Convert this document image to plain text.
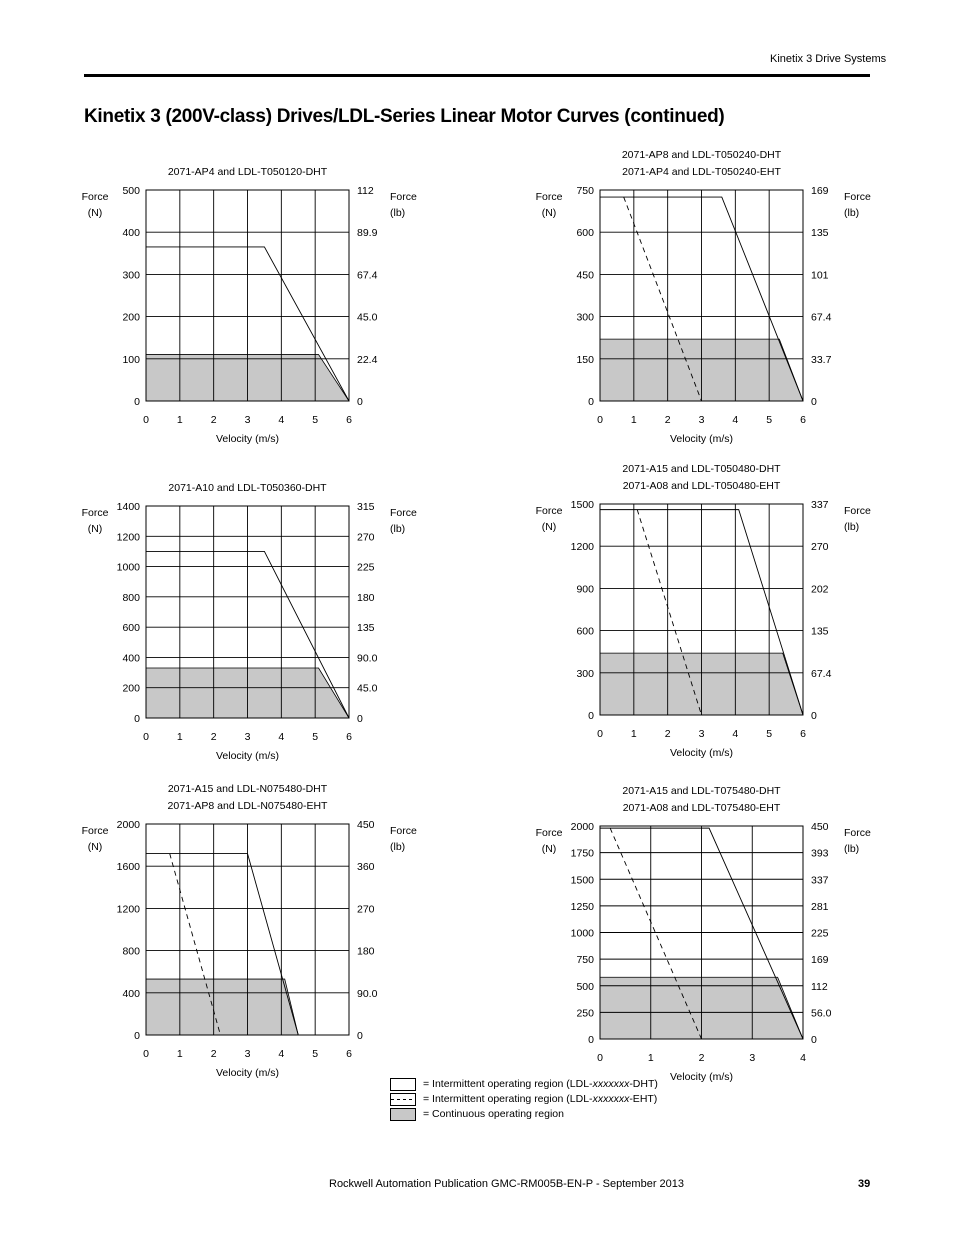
Kinetix 3 Drive Systems
Kinetix 3 (200V-class) Drives/LDL-Series Linear Motor Curves (continued)
0	1	2	3	4	5	6
0	0
100	22.4
200	45.0
300	67.4
400	89.9
500	112
2071-AP4 and LDL-T050120-DHT
Velocity (m/s)
Force
(N)
Force
(lb)
0	1	2	3	4	5	6
0	0
150	33.7
300	67.4
450	101
600	135
750	169
2071-AP8 and LDL-T050240-DHT
2071-AP4 and LDL-T050240-EHT
Velocity (m/s)
Force
(N)
Force
(lb)
0	1	2	3	4	5	6
0	0
200	45.0
400	90.0
600	135
800	180
1000	225
1200	270
1400	315
2071-A10 and LDL-T050360-DHT
Velocity (m/s)
Force
(N)
Force
(lb)
0	1	2	3	4	5	6
0	0
300	67.4
600	135
900	202
1200	270
1500	337
2071-A15 and LDL-T050480-DHT
2071-A08 and LDL-T050480-EHT
Velocity (m/s)
Force
(N)
Force
(lb)
0	1	2	3	4	5	6
0	0
400	90.0
800	180
1200	270
1600	360
2000	450
2071-A15 and LDL-N075480-DHT
2071-AP8 and LDL-N075480-EHT
Velocity (m/s)
Force
(N)
Force
(lb)
0	1	2	3	4
0	0
250	56.0
500	112
750	169
1000	225
1250	281
1500	337
1750	393
2000	450
2071-A15 and LDL-T075480-DHT
2071-A08 and LDL-T075480-EHT
Velocity (m/s)
Force
(N)
Force
(lb)
= Intermittent operating region (LDL-xxxxxxx-DHT)
= Intermittent operating region (LDL-xxxxxxx-EHT)
= Continuous operating region
Rockwell Automation Publication GMC-RM005B-EN-P - September 2013	39
